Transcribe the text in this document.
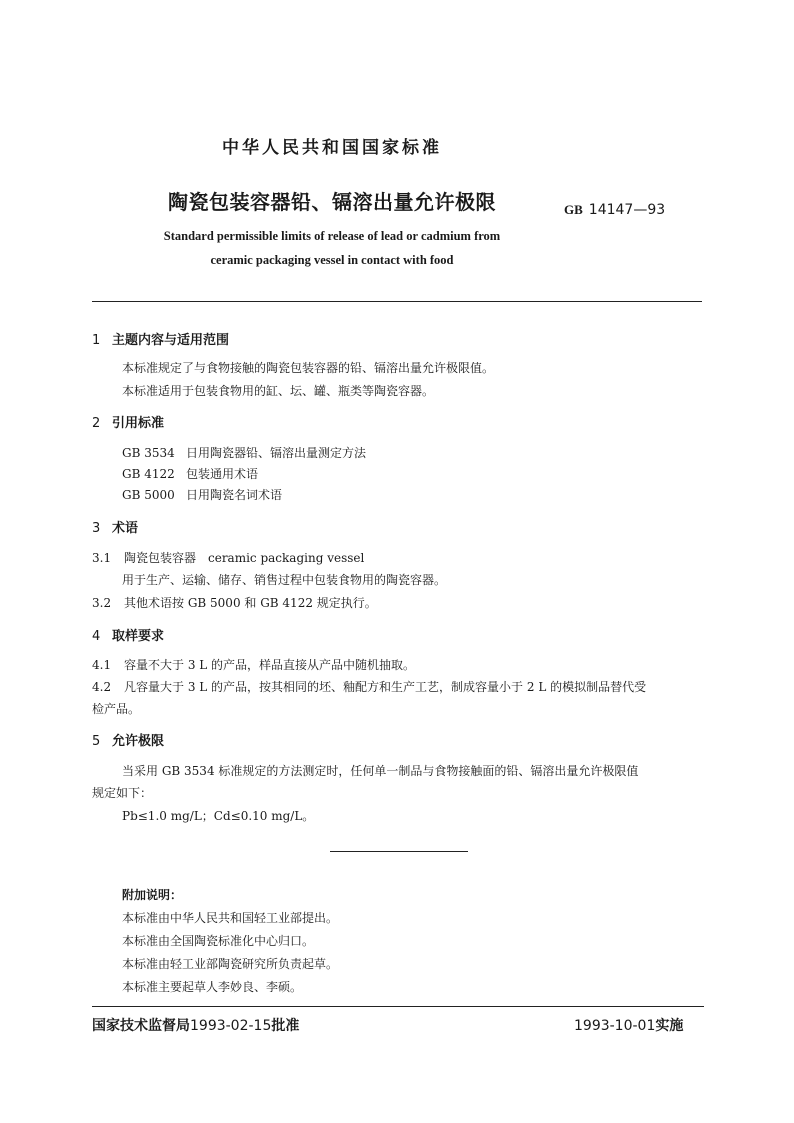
中华人民共和国国家标准
陶瓷包装容器铅、镉溶出量允许极限	GB 14147—93
Standard permissible limits of release of lead or cadmium from
ceramic packaging vessel in contact with food
1 主题内容与适用范围
本标准规定了与食物接触的陶瓷包装容器的铅、镉溶出量允许极限值。
本标准适用于包装食物用的缸、坛、罐、瓶类等陶瓷容器。
2 引用标准
GB 3534 日用陶瓷器铅、镉溶出量测定方法
GB 4122 包装通用术语
GB 5000 日用陶瓷名词术语
3 术语
3.1 陶瓷包装容器　ceramic packaging vessel
用于生产、运输、储存、销售过程中包装食物用的陶瓷容器。
3.2 其他术语按 GB 5000 和 GB 4122 规定执行。
4 取样要求
4.1 容量不大于 3 L 的产品，样品直接从产品中随机抽取。
4.2 凡容量大于 3 L 的产品，按其相同的坯、釉配方和生产工艺，制成容量小于 2 L 的模拟制品替代受
检产品。
5 允许极限
当采用 GB 3534 标准规定的方法测定时，任何单一制品与食物接触面的铅、镉溶出量允许极限值
规定如下：
Pb≤1.0 mg/L；Cd≤0.10 mg/L。
附加说明：
本标准由中华人民共和国轻工业部提出。
本标准由全国陶瓷标准化中心归口。
本标准由轻工业部陶瓷研究所负责起草。
本标准主要起草人李妙良、李硕。
国家技术监督局1993-02-15批准	1993-10-01实施
